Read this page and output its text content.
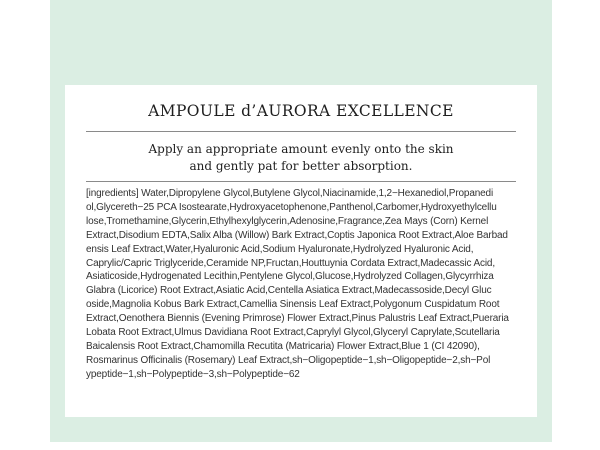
AMPOULE d’AURORA EXCELLENCE
Apply an appropriate amount evenly onto the skin
and gently pat for better absorption.
[ingredients] Water,Dipropylene Glycol,Butylene Glycol,Niacinamide,1,2−Hexanediol,Propanedi
ol,Glycereth−25 PCA Isostearate,Hydroxyacetophenone,Panthenol,Carbomer,Hydroxyethylcellu
lose,Tromethamine,Glycerin,Ethylhexylglycerin,Adenosine,Fragrance,Zea Mays (Corn) Kernel
Extract,Disodium EDTA,Salix Alba (Willow) Bark Extract,Coptis Japonica Root Extract,Aloe Barbad
ensis Leaf Extract,Water,Hyaluronic Acid,Sodium Hyaluronate,Hydrolyzed Hyaluronic Acid,
Caprylic/Capric Triglyceride,Ceramide NP,Fructan,Houttuynia Cordata Extract,Madecassic Acid,
Asiaticoside,Hydrogenated Lecithin,Pentylene Glycol,Glucose,Hydrolyzed Collagen,Glycyrrhiza
Glabra (Licorice) Root Extract,Asiatic Acid,Centella Asiatica Extract,Madecassoside,Decyl Gluc
oside,Magnolia Kobus Bark Extract,Camellia Sinensis Leaf Extract,Polygonum Cuspidatum Root
Extract,Oenothera Biennis (Evening Primrose) Flower Extract,Pinus Palustris Leaf Extract,Pueraria
Lobata Root Extract,Ulmus Davidiana Root Extract,Caprylyl Glycol,Glyceryl Caprylate,Scutellaria
Baicalensis Root Extract,Chamomilla Recutita (Matricaria) Flower Extract,Blue 1 (CI 42090),
Rosmarinus Officinalis (Rosemary) Leaf Extract,sh−Oligopeptide−1,sh−Oligopeptide−2,sh−Pol
ypeptide−1,sh−Polypeptide−3,sh−Polypeptide−62
